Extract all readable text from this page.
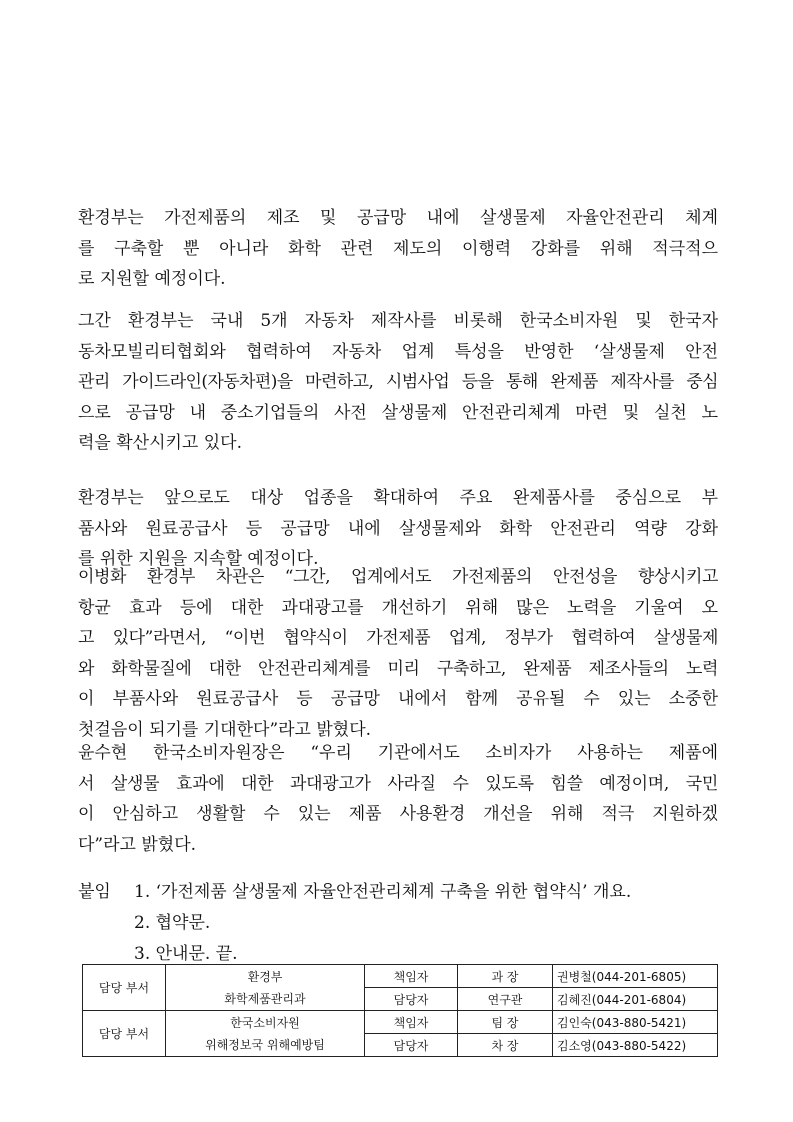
환경부는 가전제품의 제조 및 공급망 내에 살생물제 자율안전관리 체계
를 구축할 뿐 아니라 화학 관련 제도의 이행력 강화를 위해 적극적으
로 지원할 예정이다.
그간 환경부는 국내 5개 자동차 제작사를 비롯해 한국소비자원 및 한국자
동차모빌리티협회와 협력하여 자동차 업계 특성을 반영한 ‘살생물제 안전
관리 가이드라인(자동차편)을 마련하고, 시범사업 등을 통해 완제품 제작사를 중심
으로 공급망 내 중소기업들의 사전 살생물제 안전관리체계 마련 및 실천 노
력을 확산시키고 있다.
환경부는 앞으로도 대상 업종을 확대하여 주요 완제품사를 중심으로 부
품사와 원료공급사 등 공급망 내에 살생물제와 화학 안전관리 역량 강화
를 위한 지원을 지속할 예정이다.
이병화 환경부 차관은 “그간, 업계에서도 가전제품의 안전성을 향상시키고
항균 효과 등에 대한 과대광고를 개선하기 위해 많은 노력을 기울여 오
고 있다”라면서, “이번 협약식이 가전제품 업계, 정부가 협력하여 살생물제
와 화학물질에 대한 안전관리체계를 미리 구축하고, 완제품 제조사들의 노력
이 부품사와 원료공급사 등 공급망 내에서 함께 공유될 수 있는 소중한
첫걸음이 되기를 기대한다”라고 밝혔다.
윤수현 한국소비자원장은 “우리 기관에서도 소비자가 사용하는 제품에
서 살생물 효과에 대한 과대광고가 사라질 수 있도록 힘쓸 예정이며, 국민
이 안심하고 생활할 수 있는 제품 사용환경 개선을 위해 적극 지원하겠
다”라고 밝혔다.
붙임 1. ‘가전제품 살생물제 자율안전관리체계 구축을 위한 협약식’ 개요.
2. 협약문.
3. 안내문. 끝.
담당 부서	환경부	책임자	과 장	권병철(044-201-6805)
	화학제품관리과	담당자	연구관	김혜진(044-201-6804)
담당 부서	한국소비자원	책임자	팀 장	김인숙(043-880-5421)
	위해정보국 위해예방팀	담당자	차 장	김소영(043-880-5422)
